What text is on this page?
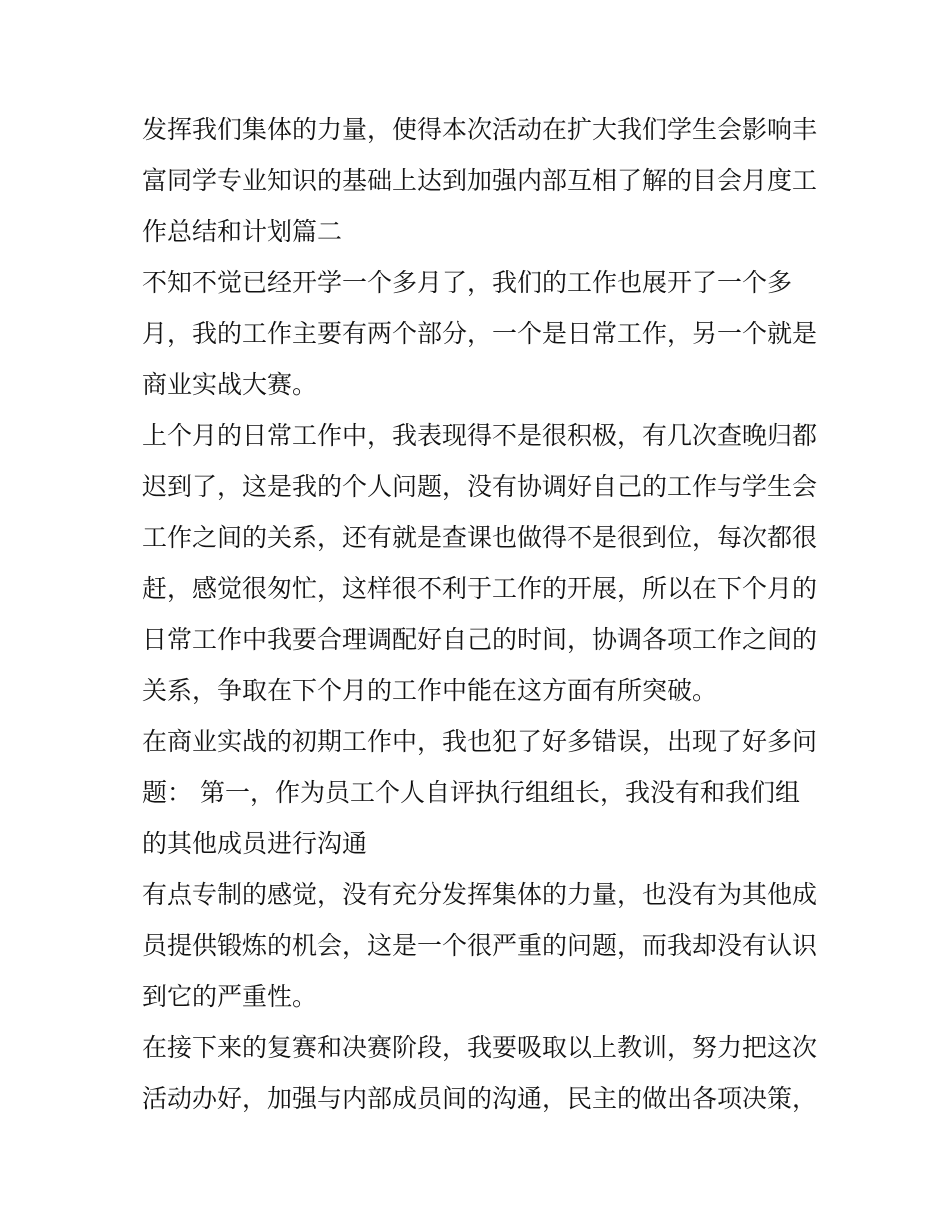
发挥我们集体的力量，使得本次活动在扩大我们学生会影响丰
富同学专业知识的基础上达到加强内部互相了解的目会月度工
作总结和计划篇二
不知不觉已经开学一个多月了，我们的工作也展开了一个多
月，我的工作主要有两个部分，一个是日常工作，另一个就是
商业实战大赛。
上个月的日常工作中，我表现得不是很积极，有几次查晚归都
迟到了，这是我的个人问题，没有协调好自己的工作与学生会
工作之间的关系，还有就是查课也做得不是很到位，每次都很
赶，感觉很匆忙，这样很不利于工作的开展，所以在下个月的
日常工作中我要合理调配好自己的时间，协调各项工作之间的
关系，争取在下个月的工作中能在这方面有所突破。
在商业实战的初期工作中，我也犯了好多错误，出现了好多问
题： 第一，作为员工个人自评执行组组长，我没有和我们组
的其他成员进行沟通
有点专制的感觉，没有充分发挥集体的力量，也没有为其他成
员提供锻炼的机会，这是一个很严重的问题，而我却没有认识
到它的严重性。
在接下来的复赛和决赛阶段，我要吸取以上教训，努力把这次
活动办好，加强与内部成员间的沟通，民主的做出各项决策，
